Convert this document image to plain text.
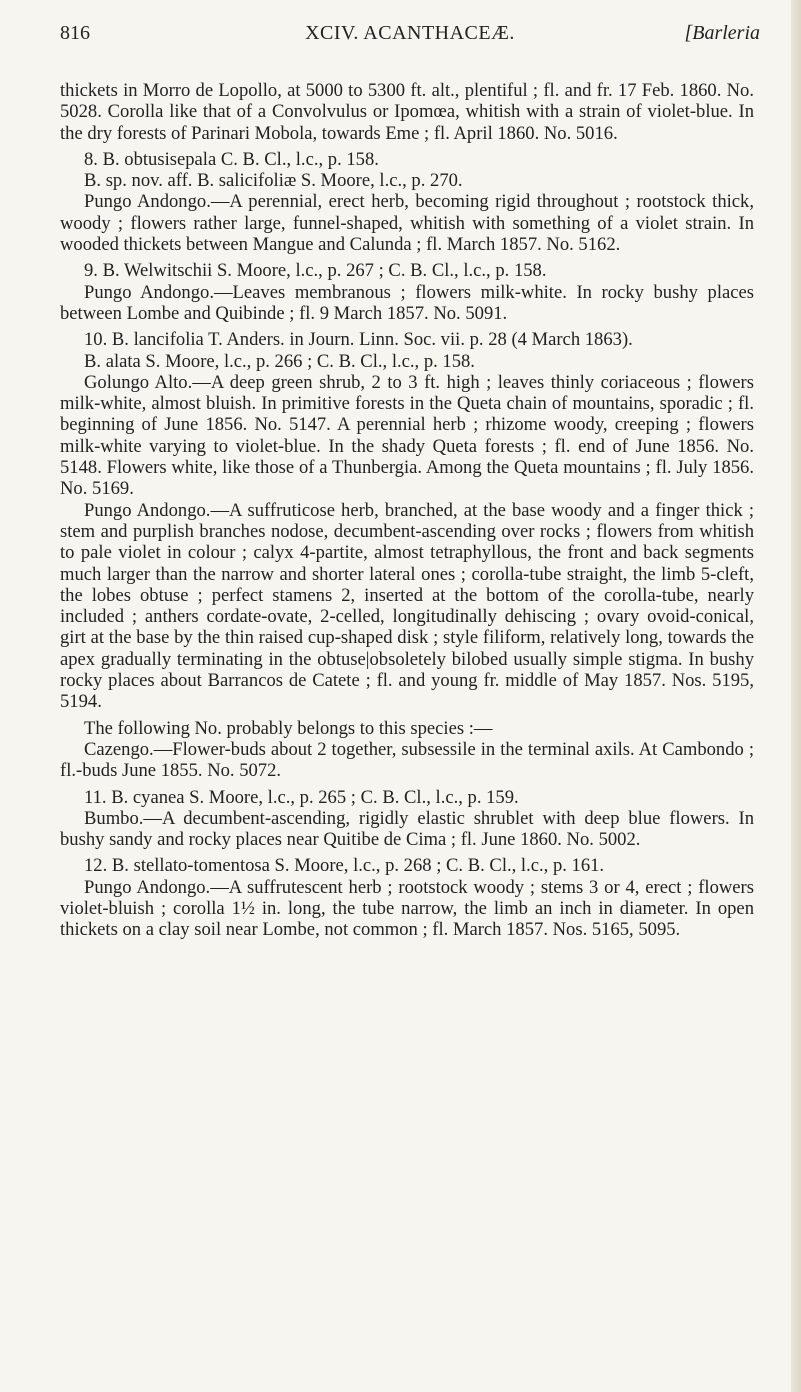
816	XCIV. ACANTHACEÆ.	[Barleria

thickets in Morro de Lopollo, at 5000 to 5300 ft. alt., plentiful ; fl. and fr. 17 Feb. 1860. No. 5028. Corolla like that of a Convolvulus or Ipomœa, whitish with a strain of violet-blue. In the dry forests of Parinari Mobola, towards Eme ; fl. April 1860. No. 5016.

8. B. obtusisepala C. B. Cl., l.c., p. 158.

B. sp. nov. aff. B. salicifoliæ S. Moore, l.c., p. 270.

Pungo Andongo.—A perennial, erect herb, becoming rigid throughout ; rootstock thick, woody ; flowers rather large, funnel-shaped, whitish with something of a violet strain. In wooded thickets between Mangue and Calunda ; fl. March 1857. No. 5162.

9. B. Welwitschii S. Moore, l.c., p. 267 ; C. B. Cl., l.c., p. 158.

Pungo Andongo.—Leaves membranous ; flowers milk-white. In rocky bushy places between Lombe and Quibinde ; fl. 9 March 1857. No. 5091.

10. B. lancifolia T. Anders. in Journ. Linn. Soc. vii. p. 28 (4 March 1863).

B. alata S. Moore, l.c., p. 266 ; C. B. Cl., l.c., p. 158.

Golungo Alto.—A deep green shrub, 2 to 3 ft. high ; leaves thinly coriaceous ; flowers milk-white, almost bluish. In primitive forests in the Queta chain of mountains, sporadic ; fl. beginning of June 1856. No. 5147. A perennial herb ; rhizome woody, creeping ; flowers milk-white varying to violet-blue. In the shady Queta forests ; fl. end of June 1856. No. 5148. Flowers white, like those of a Thunbergia. Among the Queta mountains ; fl. July 1856. No. 5169.

Pungo Andongo.—A suffruticose herb, branched, at the base woody and a finger thick ; stem and purplish branches nodose, decumbent-ascending over rocks ; flowers from whitish to pale violet in colour ; calyx 4-partite, almost tetraphyllous, the front and back segments much larger than the narrow and shorter lateral ones ; corolla-tube straight, the limb 5-cleft, the lobes obtuse ; perfect stamens 2, inserted at the bottom of the corolla-tube, nearly included ; anthers cordate-ovate, 2-celled, longitudinally dehiscing ; ovary ovoid-conical, girt at the base by the thin raised cup-shaped disk ; style filiform, relatively long, towards the apex gradually terminating in the obtuse|obsoletely bilobed usually simple stigma. In bushy rocky places about Barrancos de Catete ; fl. and young fr. middle of May 1857. Nos. 5195, 5194.

The following No. probably belongs to this species :—

Cazengo.—Flower-buds about 2 together, subsessile in the terminal axils. At Cambondo ; fl.-buds June 1855. No. 5072.

11. B. cyanea S. Moore, l.c., p. 265 ; C. B. Cl., l.c., p. 159.

Bumbo.—A decumbent-ascending, rigidly elastic shrublet with deep blue flowers. In bushy sandy and rocky places near Quitibe de Cima ; fl. June 1860. No. 5002.

12. B. stellato-tomentosa S. Moore, l.c., p. 268 ; C. B. Cl., l.c., p. 161.

Pungo Andongo.—A suffrutescent herb ; rootstock woody ; stems 3 or 4, erect ; flowers violet-bluish ; corolla 1½ in. long, the tube narrow, the limb an inch in diameter. In open thickets on a clay soil near Lombe, not common ; fl. March 1857. Nos. 5165, 5095.
